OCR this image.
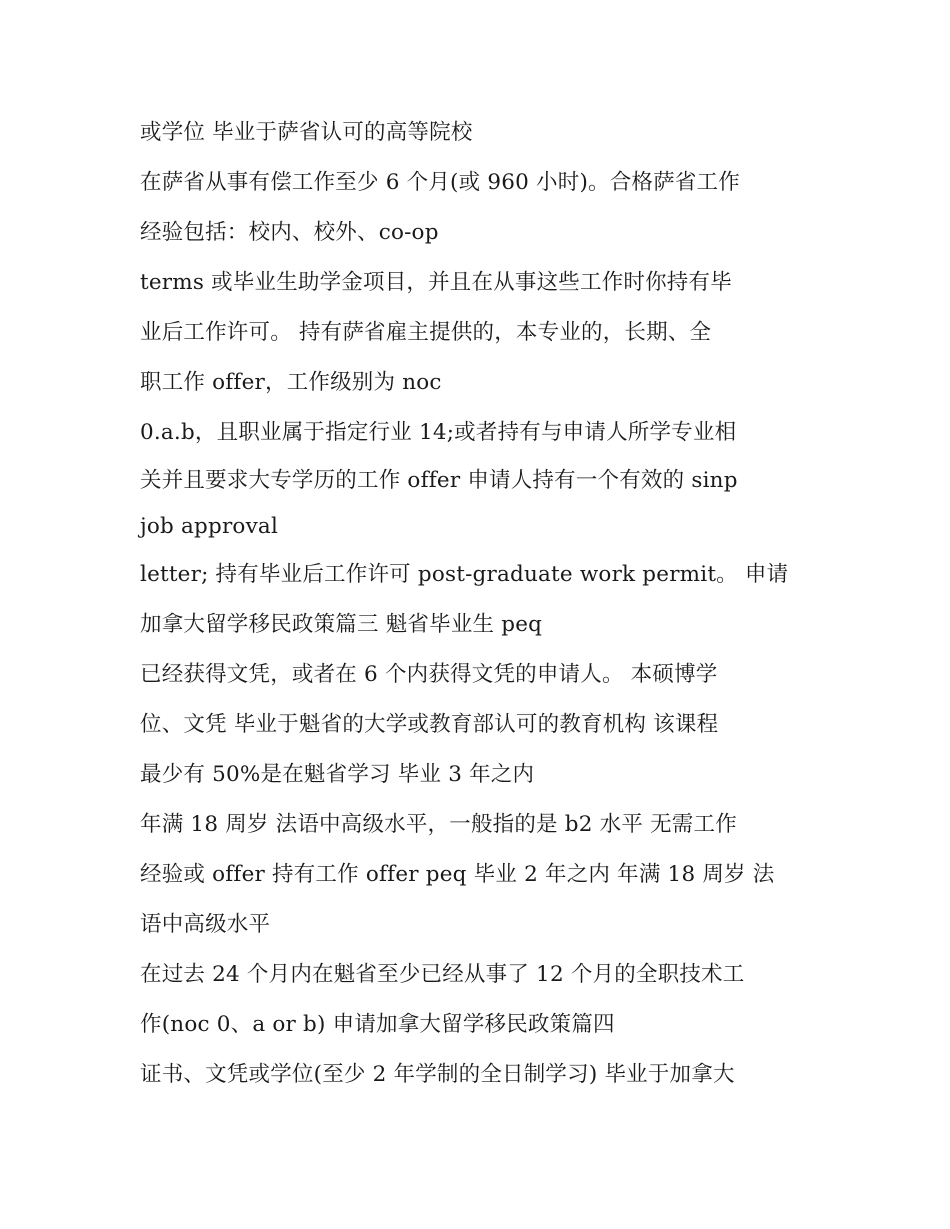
或学位 毕业于萨省认可的高等院校

在萨省从事有偿工作至少 6 个月(或 960 小时)。合格萨省工作

经验包括：校内、校外、co-op

terms 或毕业生助学金项目，并且在从事这些工作时你持有毕

业后工作许可。 持有萨省雇主提供的，本专业的，长期、全

职工作 offer，工作级别为 noc

0.a.b，且职业属于指定行业 14;或者持有与申请人所学专业相

关并且要求大专学历的工作 offer 申请人持有一个有效的 sinp

job approval

letter; 持有毕业后工作许可 post-graduate work permit。 申请

加拿大留学移民政策篇三 魁省毕业生 peq

已经获得文凭，或者在 6 个内获得文凭的申请人。 本硕博学

位、文凭 毕业于魁省的大学或教育部认可的教育机构 该课程

最少有 50%是在魁省学习 毕业 3 年之内

年满 18 周岁 法语中高级水平，一般指的是 b2 水平 无需工作

经验或 offer 持有工作 offer peq 毕业 2 年之内 年满 18 周岁 法

语中高级水平

在过去 24 个月内在魁省至少已经从事了 12 个月的全职技术工

作(noc 0、a or b) 申请加拿大留学移民政策篇四

证书、文凭或学位(至少 2 年学制的全日制学习) 毕业于加拿大
